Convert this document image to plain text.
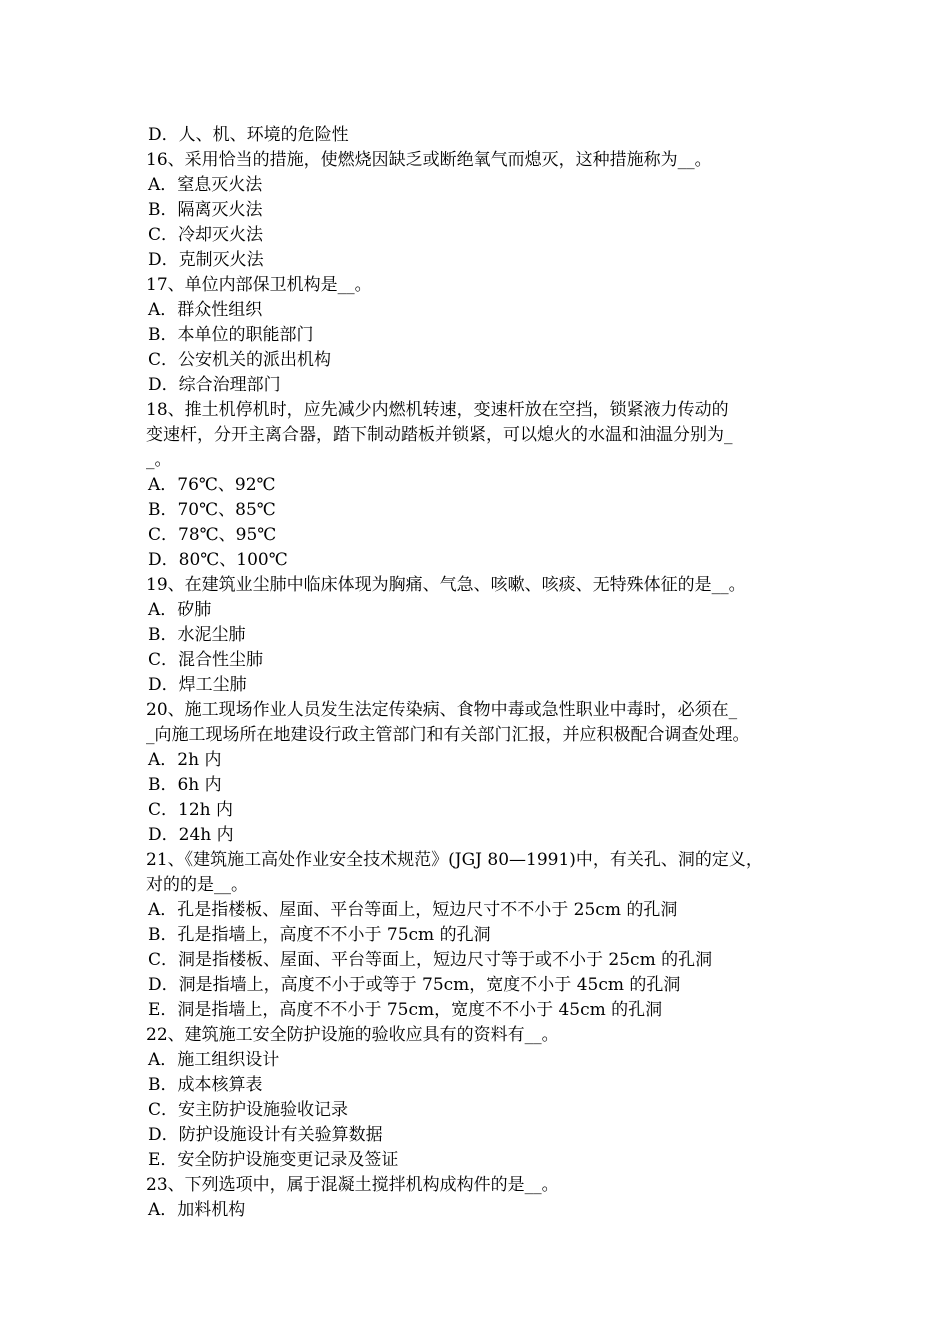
D．人、机、环境的危险性
16、采用恰当的措施，使燃烧因缺乏或断绝氧气而熄灭，这种措施称为__。
A．窒息灭火法
B．隔离灭火法
C．冷却灭火法
D．克制灭火法
17、单位内部保卫机构是__。
A．群众性组织
B．本单位的职能部门
C．公安机关的派出机构
D．综合治理部门
18、推土机停机时，应先减少内燃机转速，变速杆放在空挡，锁紧液力传动的
变速杆，分开主离合器，踏下制动踏板并锁紧，可以熄火的水温和油温分别为_
_。
A．76℃、92℃
B．70℃、85℃
C．78℃、95℃
D．80℃、100℃
19、在建筑业尘肺中临床体现为胸痛、气急、咳嗽、咳痰、无特殊体征的是__。
A．矽肺
B．水泥尘肺
C．混合性尘肺
D．焊工尘肺
20、施工现场作业人员发生法定传染病、食物中毒或急性职业中毒时，必须在_
_向施工现场所在地建设行政主管部门和有关部门汇报，并应积极配合调查处理。
A．2h 内
B．6h 内
C．12h 内
D．24h 内
21、《建筑施工高处作业安全技术规范》(JGJ 80—1991)中，有关孔、洞的定义，
对的的是__。
A．孔是指楼板、屋面、平台等面上，短边尺寸不不小于 25cm 的孔洞
B．孔是指墙上，高度不不小于 75cm 的孔洞
C．洞是指楼板、屋面、平台等面上，短边尺寸等于或不小于 25cm 的孔洞
D．洞是指墙上，高度不小于或等于 75cm，宽度不小于 45cm 的孔洞
E．洞是指墙上，高度不不小于 75cm，宽度不不小于 45cm 的孔洞
22、建筑施工安全防护设施的验收应具有的资料有__。
A．施工组织设计
B．成本核算表
C．安主防护设施验收记录
D．防护设施设计有关验算数据
E．安全防护设施变更记录及签证
23、下列选项中，属于混凝土搅拌机构成构件的是__。
A．加料机构
